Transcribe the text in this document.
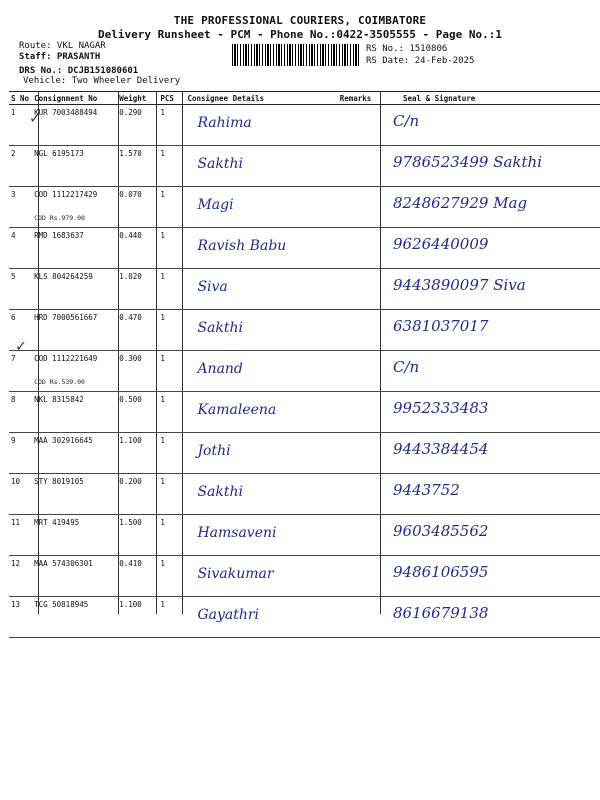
THE PROFESSIONAL COURIERS, COIMBATORE
Delivery Runsheet - PCM - Phone No.:0422-3505555 - Page No.:1
Route: VKL NAGAR
Staff: PRASANTH
DRS No.: DCJB151080601
Vehicle: Two Wheeler Delivery
RS No.: 1510806
RS Date: 24-Feb-2025
S No	Consignment No	Weight	PCS	Consignee Details	Remarks	Seal & Signature
1	KUR 7003488494	0.290	1	Rahima		C/n

2	NGL 6195173	1.570	1	Sakthi		9786523499 Sakthi

3	COD 1112217429
COD Rs.979.00	0.070	1	Magi		8248627929 Mag

4	RMD 1683637	0.440	1	Ravish Babu		9626440009

5	KLS 804264259	1.020	1	Siva		9443890097 Siva

6	HRD 7000561667	0.470	1	Sakthi		6381037017

7	COD 1112221649
COD Rs.539.00	0.300	1	Anand		C/n

8	NKL 8315842	0.500	1	Kamaleena		9952333483

9	MAA 302916645	1.100	1	Jothi		9443384454

10	STY 8019105	0.200	1	Sakthi		9443752

11	MRT 419495	1.500	1	Hamsaveni		9603485562

12	MAA 574306301	0.410	1	Sivakumar		9486106595

13	TCG 50818945	1.100	1	Gayathri		8616679138
✓
✓
